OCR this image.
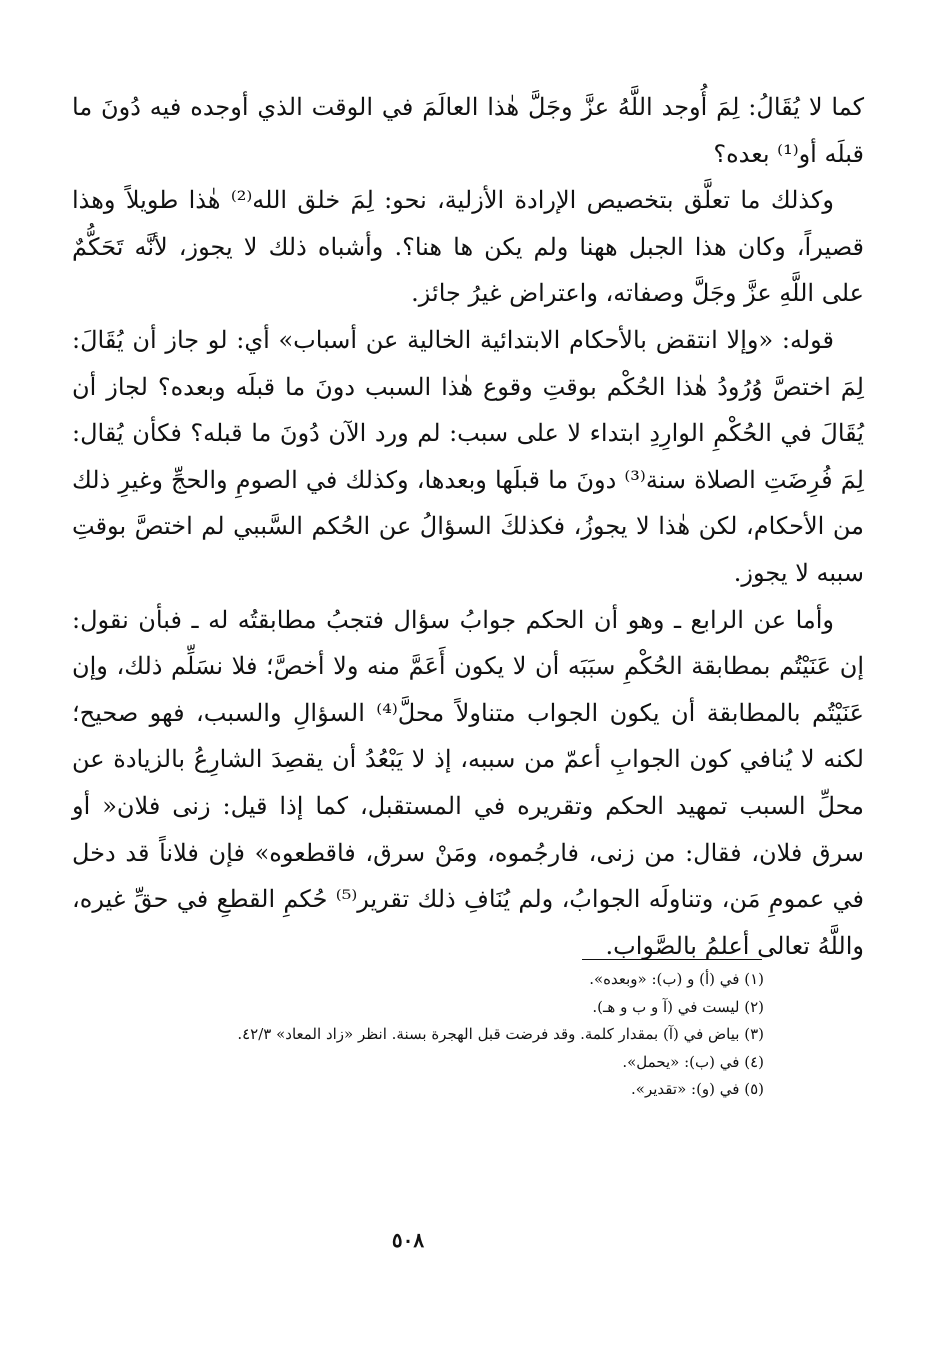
كما لا يُقَالُ: لِمَ أُوجد اللَّهُ عزَّ وجَلَّ هٰذا العالَمَ في الوقت الذي أوجده فيه دُونَ ما قبلَه أو⁽¹⁾ بعده؟

وكذلك ما تعلَّق بتخصيص الإرادة الأزلية، نحو: لِمَ خلق الله⁽²⁾ هٰذا طويلاً وهذا قصيراً، وكان هذا الجبل ههنا ولم يكن ها هنا؟. وأشباه ذلك لا يجوز، لأنَّه تَحَكُّمٌ على اللَّهِ عزَّ وجَلَّ وصفاته، واعتراض غيرُ جائز.

قوله: «وإلا انتقض بالأحكام الابتدائية الخالية عن أسباب» أي: لو جاز أن يُقَالَ: لِمَ اختصَّ وُرُودُ هٰذا الحُكْم بوقتِ وقوع هٰذا السبب دونَ ما قبلَه وبعده؟ لجاز أن يُقَالَ في الحُكْمِ الوارِدِ ابتداء لا على سبب: لم ورد الآن دُونَ ما قبله؟ فكأن يُقال: لِمَ فُرِضَتِ الصلاة سنة⁽³⁾ دونَ ما قبلَها وبعدها، وكذلك في الصومِ والحجِّ وغيرِ ذلك من الأحكام، لكن هٰذا لا يجوزُ، فكذلكَ السؤالُ عن الحُكم السَّببي لم اختصَّ بوقتِ سببه لا يجوز.

وأما عن الرابع ـ وهو أن الحكم جوابُ سؤال فتجبُ مطابقتُه له ـ فبأن نقول: إن عَنَيْتُم بمطابقة الحُكْمِ سبَبَه أن لا يكون أَعَمَّ منه ولا أخصَّ؛ فلا نسَلِّم ذلك، وإن عَنَيْتُم بالمطابقة أن يكون الجواب متناولاً محلَّ⁽⁴⁾ السؤالِ والسبب، فهو صحيح؛ لكنه لا يُنافي كون الجوابِ أعمّ من سببه، إذ لا يَبْعُدُ أن يقصِدَ الشارِعُ بالزيادة عن محلِّ السبب تمهيد الحكم وتقريره في المستقبل، كما إذا قيل: زنى فلان« أو سرق فلان، فقال: من زنى، فارجُموه، ومَنْ سرق، فاقطعوه» فإن فلاناً قد دخل في عمومِ مَن، وتناولَه الجوابُ، ولم يُنَافِ ذلك تقرير⁽⁵⁾ حُكمِ القطعِ في حقِّ غيره، واللَّهُ تعالى أعلمُ بالصَّواب.

(١) في (أ) و (ب): «وبعده».
(٢) ليست في (آ و ب و هـ).
(٣) بياض في (آ) بمقدار كلمة. وقد فرضت قبل الهجرة بسنة. انظر «زاد المعاد» ٤٢/٣.
(٤) في (ب): «يحمل».
(٥) في (و): «تقدير».
٥٠٨
